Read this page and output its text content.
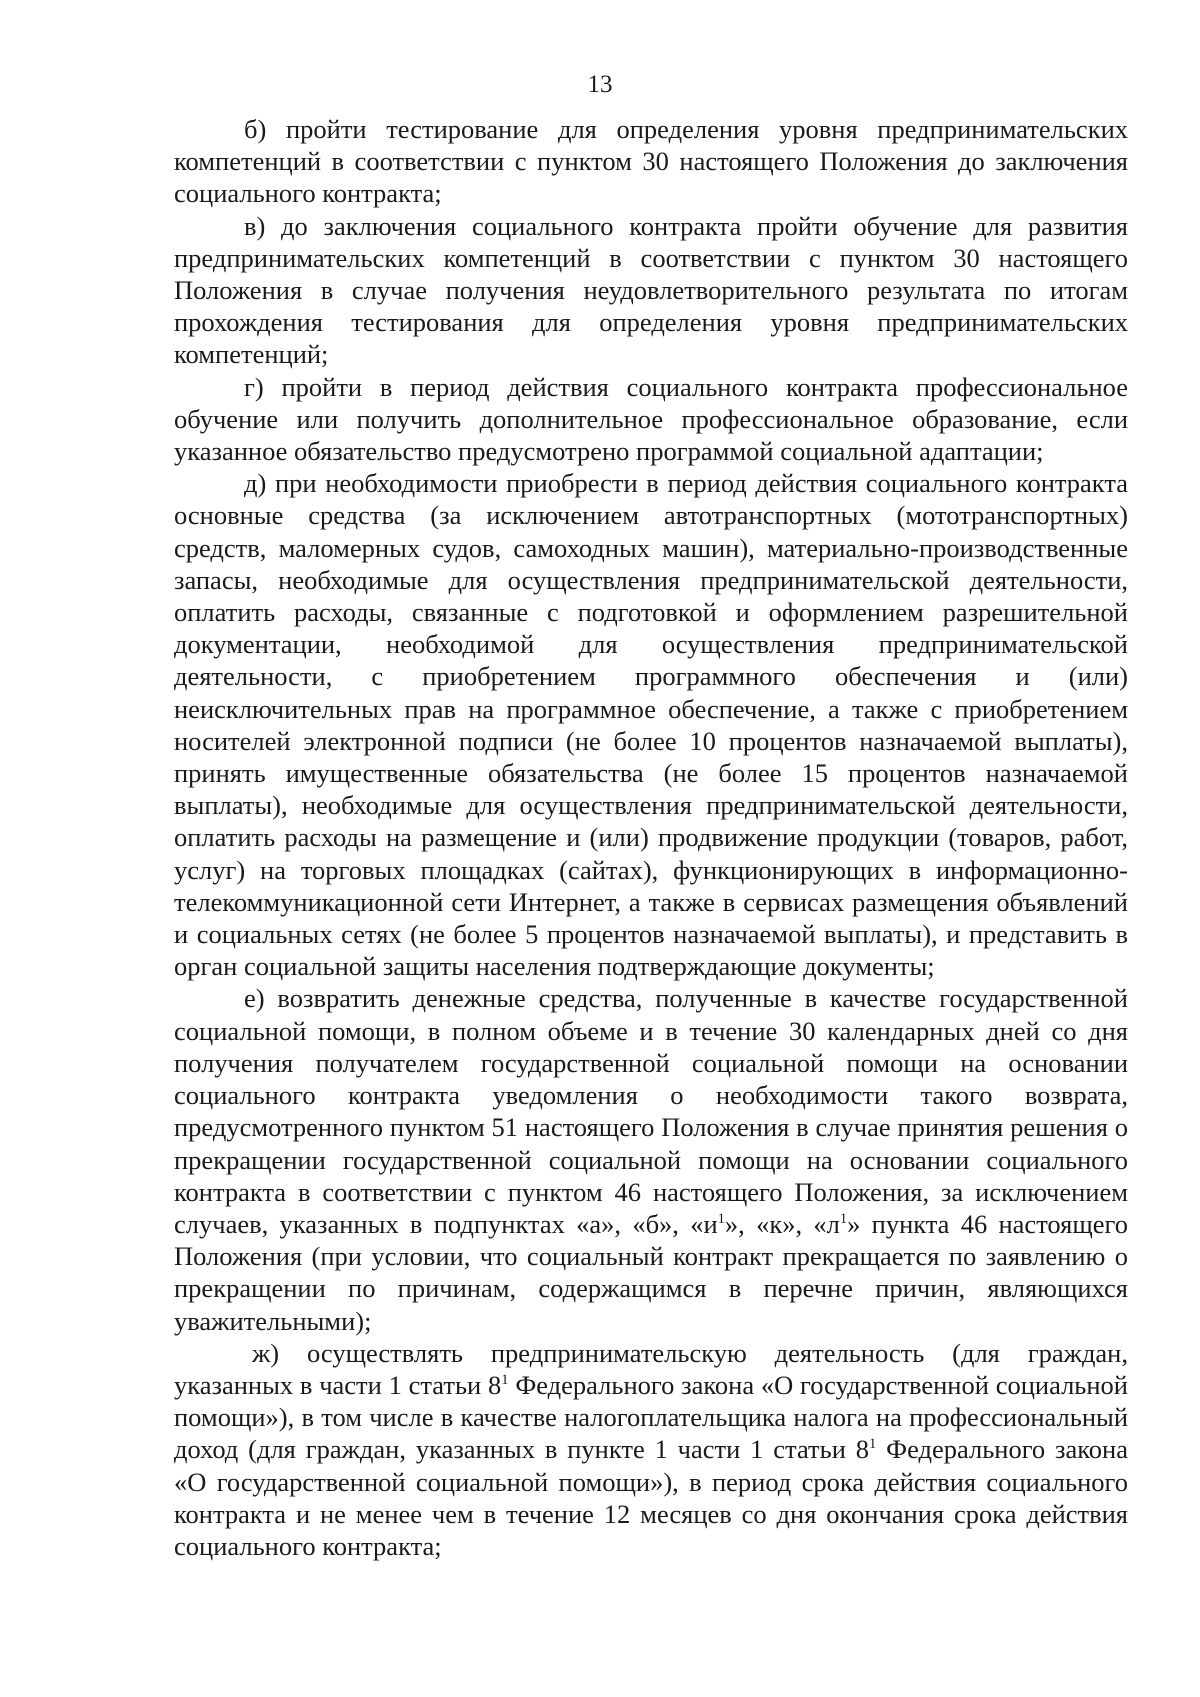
13

б) пройти тестирование для определения уровня предпринимательских компетенций в соответствии с пунктом 30 настоящего Положения до заключения социального контракта;

в) до заключения социального контракта пройти обучение для развития предпринимательских компетенций в соответствии с пунктом 30 настоящего Положения в случае получения неудовлетворительного результата по итогам прохождения тестирования для определения уровня предпринимательских компетенций;

г) пройти в период действия социального контракта профессиональное обучение или получить дополнительное профессиональное образование, если указанное обязательство предусмотрено программой социальной адаптации;

д) при необходимости приобрести в период действия социального контракта основные средства (за исключением автотранспортных (мототранспортных) средств, маломерных судов, самоходных машин), материально-производственные запасы, необходимые для осуществления предпринимательской деятельности, оплатить расходы, связанные с подготовкой и оформлением разрешительной документации, необходимой для осуществления предпринимательской деятельности, с приобретением программного обеспечения и (или) неисключительных прав на программное обеспечение, а также с приобретением носителей электронной подписи (не более 10 процентов назначаемой выплаты), принять имущественные обязательства (не более 15 процентов назначаемой выплаты), необходимые для осуществления предпринимательской деятельности, оплатить расходы на размещение и (или) продвижение продукции (товаров, работ, услуг) на торговых площадках (сайтах), функционирующих в информационно-телекоммуникационной сети Интернет, а также в сервисах размещения объявлений и социальных сетях (не более 5 процентов назначаемой выплаты), и представить в орган социальной защиты населения подтверждающие документы;

е) возвратить денежные средства, полученные в качестве государственной социальной помощи, в полном объеме и в течение 30 календарных дней со дня получения получателем государственной социальной помощи на основании социального контракта уведомления о необходимости такого возврата, предусмотренного пунктом 51 настоящего Положения в случае принятия решения о прекращении государственной социальной помощи на основании социального контракта в соответствии с пунктом 46 настоящего Положения, за исключением случаев, указанных в подпунктах «а», «б», «$и^1$», «к», «$л^1$» пункта 46 настоящего Положения (при условии, что социальный контракт прекращается по заявлению о прекращении по причинам, содержащимся в перечне причин, являющихся уважительными);

ж) осуществлять предпринимательскую деятельность (для граждан, указанных в части 1 статьи $8^1$ Федерального закона «О государственной социальной помощи»), в том числе в качестве налогоплательщика налога на профессиональный доход (для граждан, указанных в пункте 1 части 1 статьи $8^1$ Федерального закона «О государственной социальной помощи»), в период срока действия социального контракта и не менее чем в течение 12 месяцев со дня окончания срока действия социального контракта;
